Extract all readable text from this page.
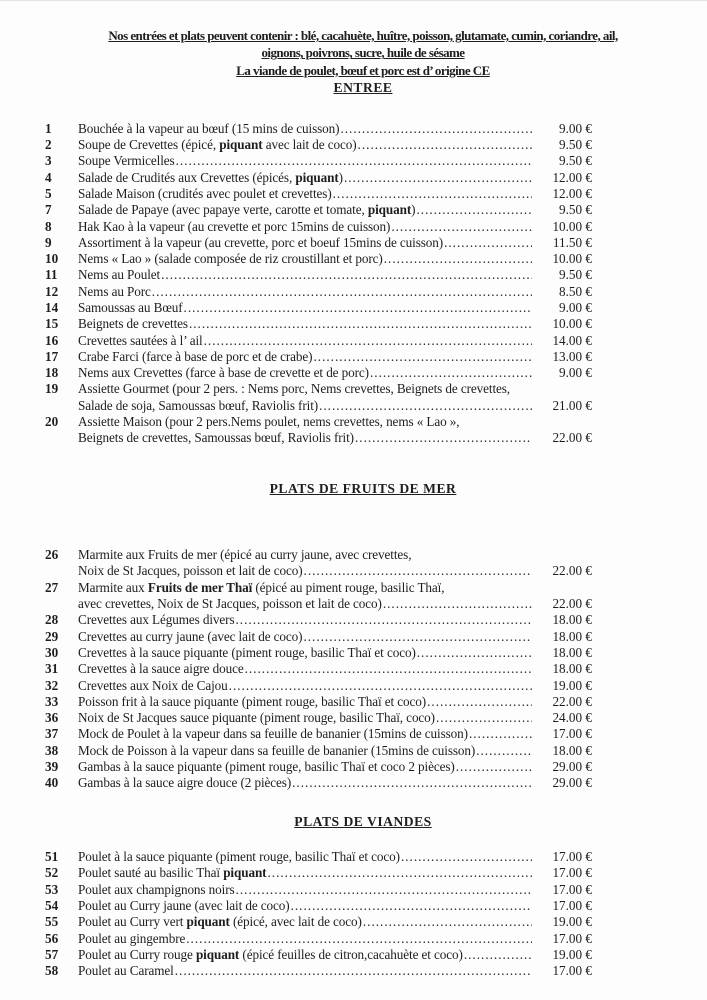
Nos entrées et plats peuvent contenir : blé, cacahuète, huître, poisson, glutamate, cumin, coriandre, ail,
oignons, poivrons, sucre, huile de sésame
La viande de poulet, bœuf et porc est d’ origine CE
ENTREE
1	Bouchée à la vapeur au bœuf (15 mins de cuisson) .....	9.00 €
2	Soupe de Crevettes (épicé, piquant avec lait de coco) .....	9.50 €
3	Soupe Vermicelles .....	9.50 €
4	Salade de Crudités aux Crevettes (épicés, piquant) .....	12.00 €
5	Salade Maison (crudités avec poulet et crevettes) .....	12.00 €
7	Salade de Papaye (avec papaye verte, carotte et tomate, piquant) .....	9.50 €
8	Hak Kao à la vapeur (au crevette et porc 15mins de cuisson) .....	10.00 €
9	Assortiment à la vapeur (au crevette, porc et boeuf 15mins de cuisson) .....	11.50 €
10	Nems « Lao » (salade composée de riz croustillant et porc) .....	10.00 €
11	Nems au Poulet .....	9.50 €
12	Nems au Porc .....	8.50 €
14	Samoussas au Bœuf .....	9.00 €
15	Beignets de crevettes .....	10.00 €
16	Crevettes sautées à l’ ail .....	14.00 €
17	Crabe Farci (farce à base de porc et de crabe) .....	13.00 €
18	Nems aux Crevettes (farce à base de crevette et de porc) .....	9.00 €
19	Assiette Gourmet (pour 2 pers. : Nems porc, Nems crevettes, Beignets de crevettes,
Salade de soja, Samoussas bœuf, Raviolis frit) .....	21.00 €
20	Assiette Maison (pour 2 pers.Nems poulet, nems crevettes, nems « Lao »,
Beignets de crevettes, Samoussas bœuf, Raviolis frit) .....	22.00 €
PLATS DE FRUITS DE MER
26	Marmite aux Fruits de mer (épicé au curry jaune, avec crevettes,
Noix de St Jacques, poisson et lait de coco) .....	22.00 €
27	Marmite aux Fruits de mer Thaï (épicé au piment rouge, basilic Thaï,
avec crevettes, Noix de St Jacques, poisson et lait de coco) .....	22.00 €
28	Crevettes aux Légumes divers .....	18.00 €
29	Crevettes au curry jaune (avec lait de coco) .....	18.00 €
30	Crevettes à la sauce piquante (piment rouge, basilic Thaï et coco) .....	18.00 €
31	Crevettes à la sauce aigre douce .....	18.00 €
32	Crevettes aux Noix de Cajou .....	19.00 €
33	Poisson frit à la sauce piquante (piment rouge, basilic Thaï et coco) .....	22.00 €
36	Noix de St Jacques sauce piquante (piment rouge, basilic Thaï, coco) .....	24.00 €
37	Mock de Poulet à la vapeur dans sa feuille de bananier (15mins de cuisson) .....	17.00 €
38	Mock de Poisson à la vapeur dans sa feuille de bananier (15mins de cuisson) .....	18.00 €
39	Gambas à la sauce piquante (piment rouge, basilic Thaï et coco 2 pièces) .....	29.00 €
40	Gambas à la sauce aigre douce (2 pièces) .....	29.00 €
PLATS DE VIANDES
51	Poulet à la sauce piquante (piment rouge, basilic Thaï et coco) .....	17.00 €
52	Poulet sauté au basilic Thaï piquant .....	17.00 €
53	Poulet aux champignons noirs .....	17.00 €
54	Poulet au Curry jaune (avec lait de coco) .....	17.00 €
55	Poulet au Curry vert piquant (épicé, avec lait de coco) .....	19.00 €
56	Poulet au gingembre .....	17.00 €
57	Poulet au Curry rouge piquant (épicé feuilles de citron,cacahuète et coco) .....	19.00 €
58	Poulet au Caramel .....	17.00 €
